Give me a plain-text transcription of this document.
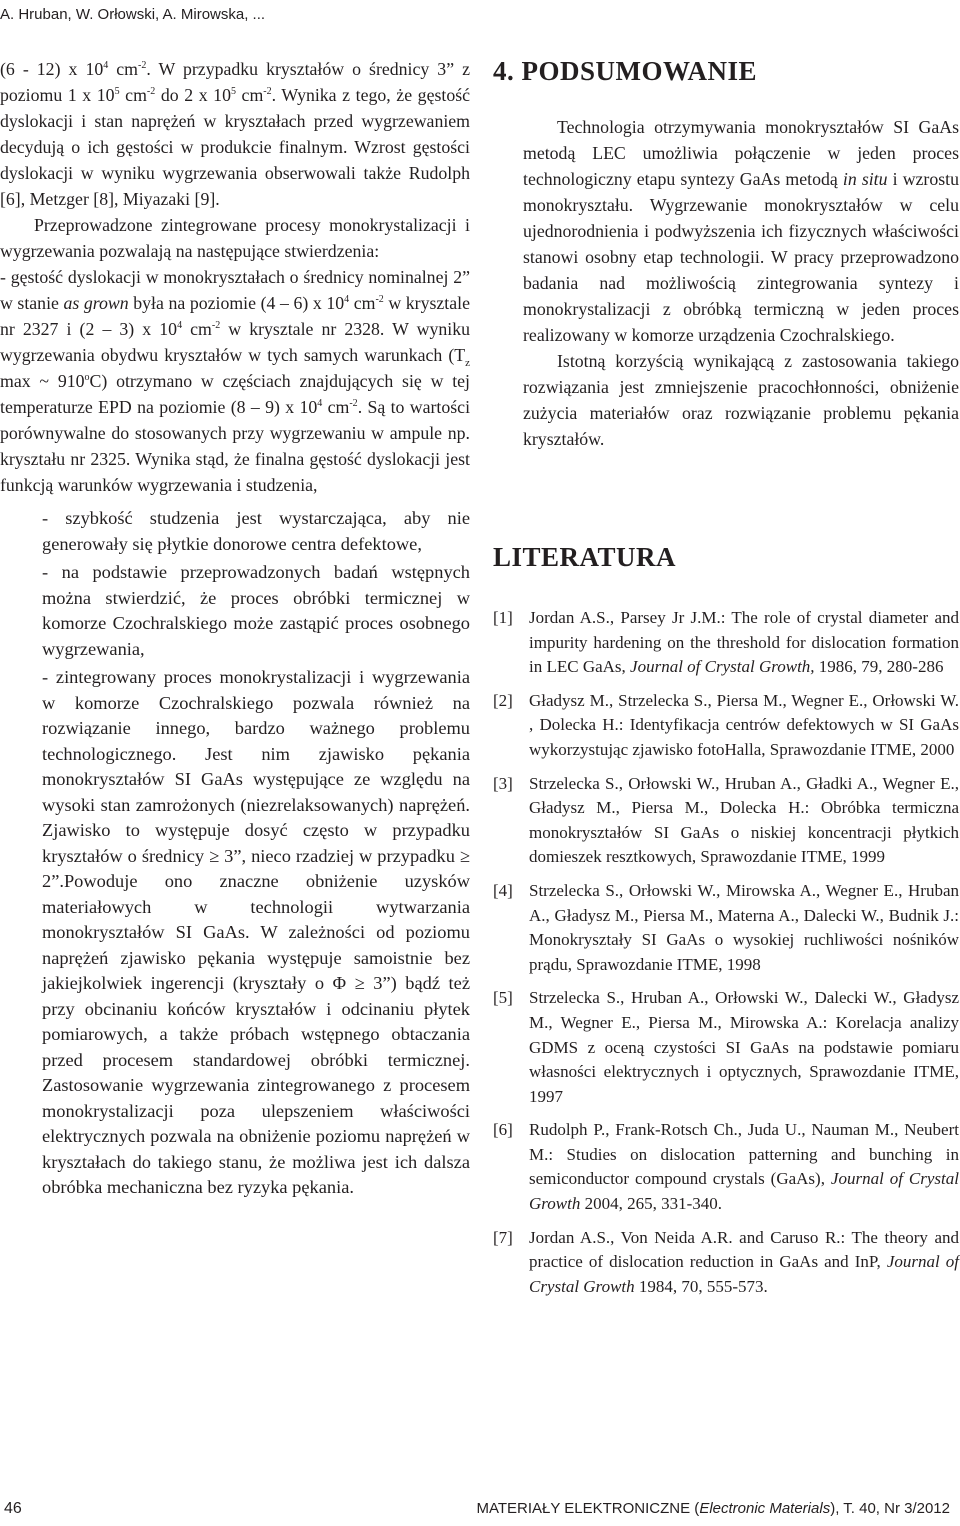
A. Hruban, W. Orłowski, A. Mirowska, ...

(6 - 12) x $10^4$ $cm^{-2}$. W przypadku kryształów o średnicy 3” z poziomu 1 x $10^5$ $cm^{-2}$ do 2 x $10^5$ $cm^{-2}$. Wynika z tego, że gęstość dyslokacji i stan naprężeń w kryształach przed wygrzewaniem decydują o ich gęstości w produkcie finalnym. Wzrost gęstości dyslokacji w wyniku wygrzewania obserwowali także Rudolph [6], Metzger [8], Miyazaki [9].

Przeprowadzone zintegrowane procesy monokrystalizacji i wygrzewania pozwalają na następujące stwierdzenia:

- gęstość dyslokacji w monokryształach o średnicy nominalnej 2” w stanie as grown była na poziomie (4 – 6) x $10^4$ $cm^{-2}$ w krysztale nr 2327 i (2 – 3) x $10^4$ $cm^{-2}$ w krysztale nr 2328. W wyniku wygrzewania obydwu kryształów w tych samych warunkach ($T_z$ max ~ 910$^o$C) otrzymano w częściach znajdujących się w tej temperaturze EPD na poziomie (8 – 9) x $10^4$ $cm^{-2}$. Są to wartości porównywalne do stosowanych przy wygrzewaniu w ampule np. kryształu nr 2325. Wynika stąd, że finalna gęstość dyslokacji jest funkcją warunków wygrzewania i studzenia,

- szybkość studzenia jest wystarczająca, aby nie generowały się płytkie donorowe centra defektowe,

- na podstawie przeprowadzonych badań wstępnych można stwierdzić, że proces obróbki termicznej w komorze Czochralskiego może zastąpić proces osobnego wygrzewania,

- zintegrowany proces monokrystalizacji i wygrzewania w komorze Czochralskiego pozwala również na rozwiązanie innego, bardzo ważnego problemu technologicznego. Jest nim zjawisko pękania monokryształów SI GaAs występujące ze względu na wysoki stan zamrożonych (niezrelaksowanych) naprężeń. Zjawisko to występuje dosyć często w przypadku kryształów o średnicy ≥ 3”, nieco rzadziej w przypadku ≥ 2”.Powoduje ono znaczne obniżenie uzysków materiałowych w technologii wytwarzania monokryształów SI GaAs. W zależności od poziomu naprężeń zjawisko pękania występuje samoistnie bez jakiejkolwiek ingerencji (kryształy o Φ ≥ 3”) bądź też przy obcinaniu końców kryształów i odcinaniu płytek pomiarowych, a także próbach wstępnego obtaczania przed procesem standardowej obróbki termicznej. Zastosowanie wygrzewania zintegrowanego z procesem monokrystalizacji poza ulepszeniem właściwości elektrycznych pozwala na obniżenie poziomu naprężeń w kryształach do takiego stanu, że możliwa jest ich dalsza obróbka mechaniczna bez ryzyka pękania.

4. PODSUMOWANIE

Technologia otrzymywania monokryształów SI GaAs metodą LEC umożliwia połączenie w jeden proces technologiczny etapu syntezy GaAs metodą in situ i wzrostu monokryształu. Wygrzewanie monokryształów w celu ujednorodnienia i podwyższenia ich fizycznych właściwości stanowi osobny etap technologii. W pracy przeprowadzono badania nad możliwością zintegrowania syntezy i monokrystalizacji z obróbką termiczną w jeden proces realizowany w komorze urządzenia Czochralskiego.

Istotną korzyścią wynikającą z zastosowania takiego rozwiązania jest zmniejszenie pracochłonności, obniżenie zużycia materiałów oraz rozwiązanie problemu pękania kryształów.

LITERATURA
[1] Jordan A.S., Parsey Jr J.M.: The role of crystal diameter and impurity hardening on the threshold for dislocation formation in LEC GaAs, Journal of Crystal Growth, 1986, 79, 280-286
[2] Gładysz M., Strzelecka S., Piersa M., Wegner E., Orłowski W. , Dolecka H.: Identyfikacja centrów defektowych w SI GaAs wykorzystując zjawisko fotoHalla, Sprawozdanie ITME, 2000
[3] Strzelecka S., Orłowski W., Hruban A., Gładki A., Wegner E., Gładysz M., Piersa M., Dolecka H.: Obróbka termiczna monokryształów SI GaAs o niskiej koncentracji płytkich domieszek resztkowych, Sprawozdanie ITME, 1999
[4] Strzelecka S., Orłowski W., Mirowska A., Wegner E., Hruban A., Gładysz M., Piersa M., Materna A., Dalecki W., Budnik J.: Monokryształy SI GaAs o wysokiej ruchliwości nośników prądu, Sprawozdanie ITME, 1998
[5] Strzelecka S., Hruban A., Orłowski W., Dalecki W., Gładysz M., Wegner E., Piersa M., Mirowska A.: Korelacja analizy GDMS z oceną czystości SI GaAs na podstawie pomiaru własności elektrycznych i optycznych, Sprawozdanie ITME, 1997
[6] Rudolph P., Frank-Rotsch Ch., Juda U., Nauman M., Neubert M.: Studies on dislocation patterning and bunching in semiconductor compound crystals (GaAs), Journal of Crystal Growth 2004, 265, 331-340.
[7] Jordan A.S., Von Neida A.R. and Caruso R.: The theory and practice of dislocation reduction in GaAs and InP, Journal of Crystal Growth 1984, 70, 555-573.
46	MATERIAŁY ELEKTRONICZNE (Electronic Materials), T. 40, Nr 3/2012
